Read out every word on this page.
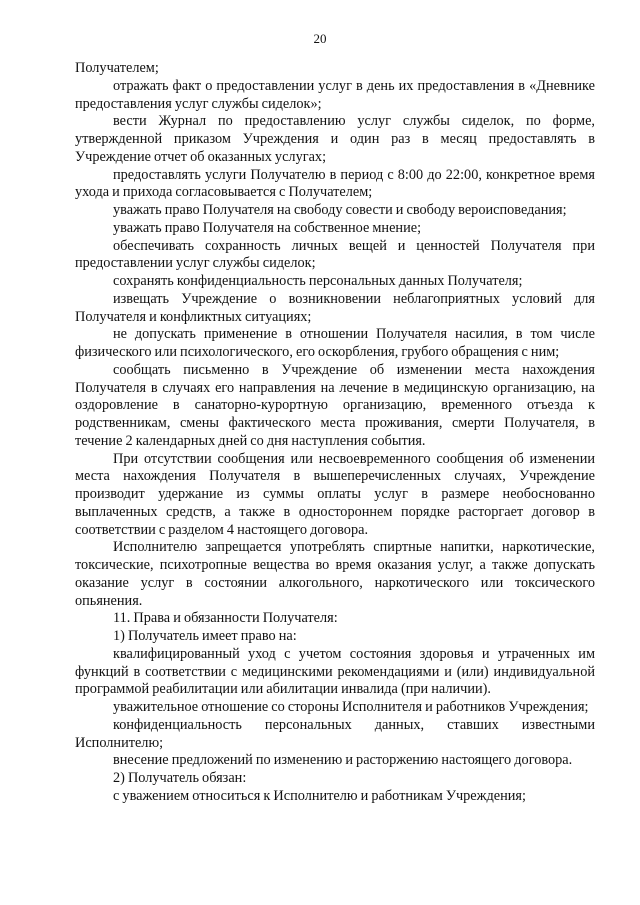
20

Получателем;

отражать факт о предоставлении услуг в день их предоставления в «Дневнике предоставления услуг службы сиделок»;

вести Журнал по предоставлению услуг службы сиделок, по форме, утвержденной приказом Учреждения и один раз в месяц предоставлять в Учреждение отчет об оказанных услугах;

предоставлять услуги Получателю в период с 8:00 до 22:00, конкретное время ухода и прихода согласовывается с Получателем;

уважать право Получателя на свободу совести и свободу вероисповедания;

уважать право Получателя на собственное мнение;

обеспечивать сохранность личных вещей и ценностей Получателя при предоставлении услуг службы сиделок;

сохранять конфиденциальность персональных данных Получателя;

извещать Учреждение о возникновении неблагоприятных условий для Получателя и конфликтных ситуациях;

не допускать применение в отношении Получателя насилия, в том числе физического или психологического, его оскорбления, грубого обращения с ним;

сообщать письменно в Учреждение об изменении места нахождения Получателя в случаях его направления на лечение в медицинскую организацию, на оздоровление в санаторно-курортную организацию, временного отъезда к родственникам, смены фактического места проживания, смерти Получателя, в течение 2 календарных дней со дня наступления события.

При отсутствии сообщения или несвоевременного сообщения об изменении места нахождения Получателя в вышеперечисленных случаях, Учреждение производит удержание из суммы оплаты услуг в размере необоснованно выплаченных средств, а также в одностороннем порядке расторгает договор в соответствии с разделом 4 настоящего договора.

Исполнителю запрещается употреблять спиртные напитки, наркотические, токсические, психотропные вещества во время оказания услуг, а также допускать оказание услуг в состоянии алкогольного, наркотического или токсического опьянения.

11. Права и обязанности Получателя:

1) Получатель имеет право на:

квалифицированный уход с учетом состояния здоровья и утраченных им функций в соответствии с медицинскими рекомендациями и (или) индивидуальной программой реабилитации или абилитации инвалида (при наличии).

уважительное отношение со стороны Исполнителя и работников Учреждения;

конфиденциальность персональных данных, ставших известными Исполнителю;

внесение предложений по изменению и расторжению настоящего договора.

2) Получатель обязан:

с уважением относиться к Исполнителю и работникам Учреждения;
